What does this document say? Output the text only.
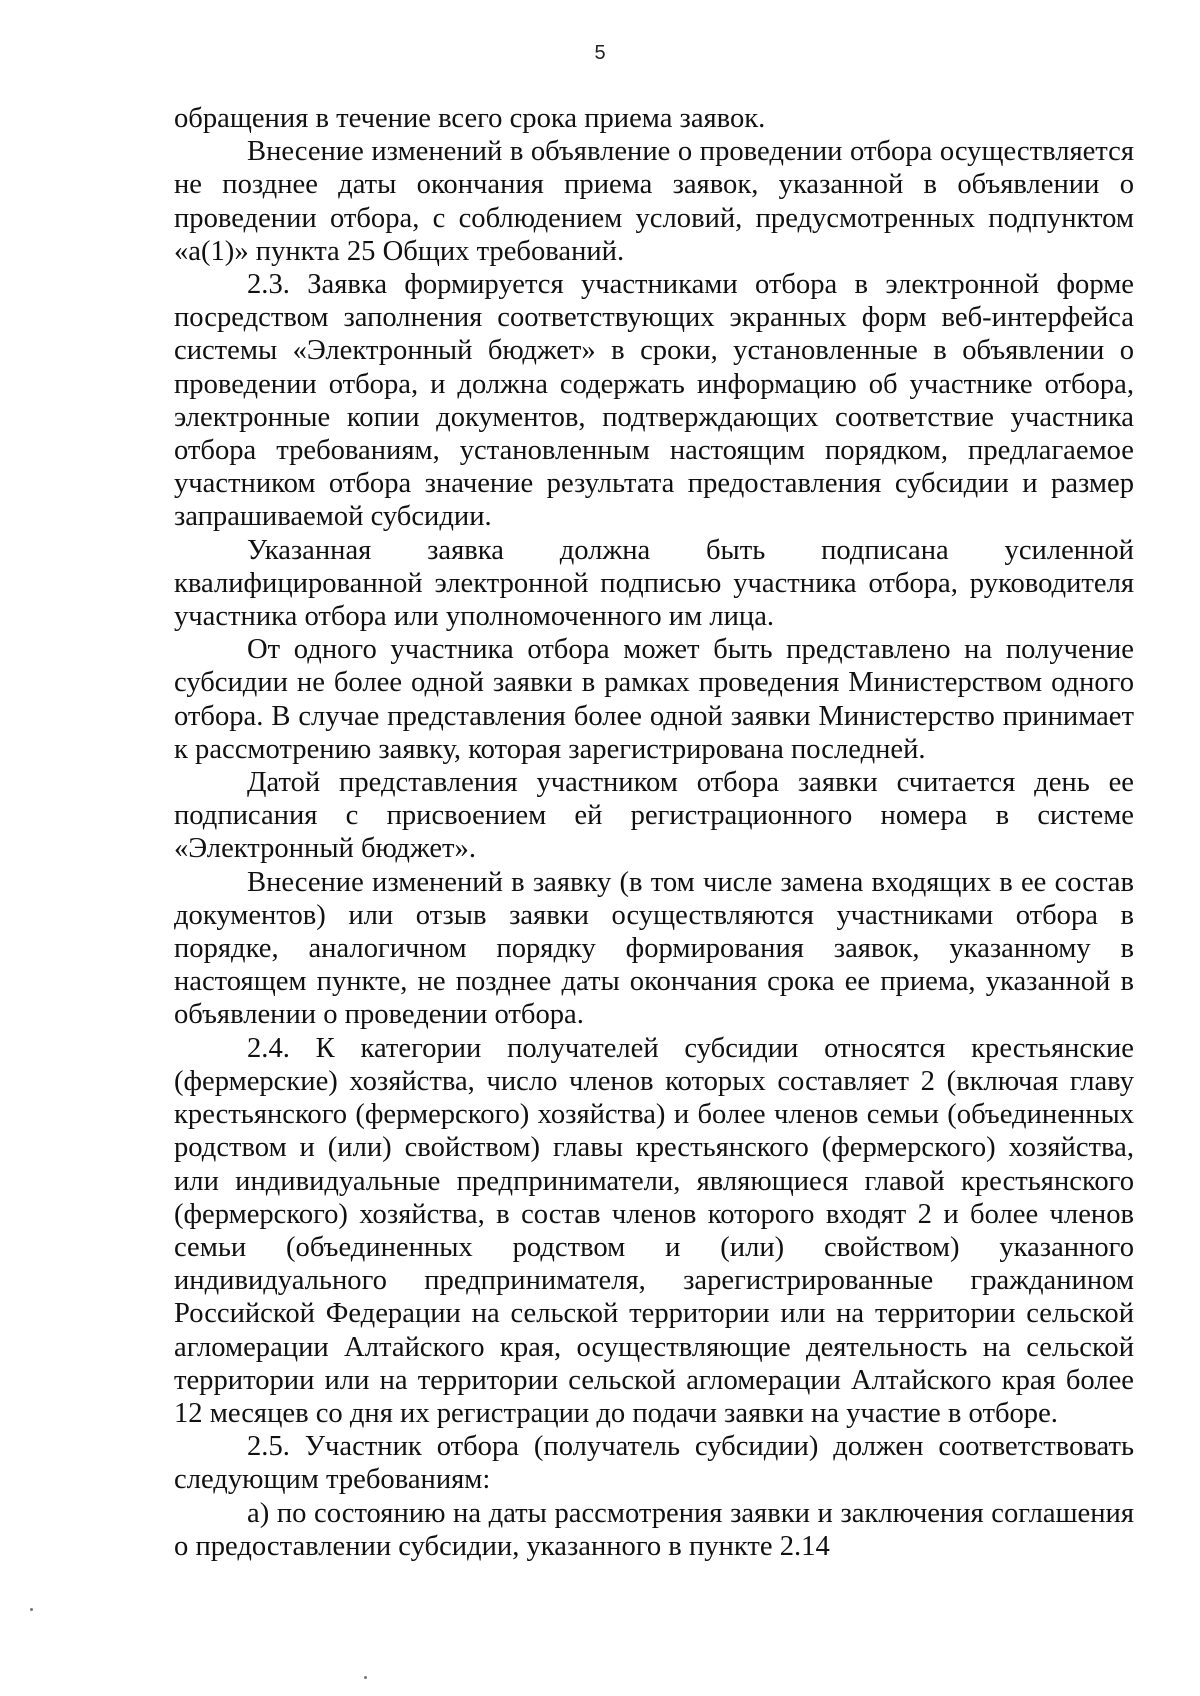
5

обращения в течение всего срока приема заявок.

Внесение изменений в объявление о проведении отбора осуществляется не позднее даты окончания приема заявок, указанной в объявлении о проведении отбора, с соблюдением условий, предусмотренных подпунктом «а(1)» пункта 25 Общих требований.

2.3. Заявка формируется участниками отбора в электронной форме посредством заполнения соответствующих экранных форм веб-интерфейса системы «Электронный бюджет» в сроки, установленные в объявлении о проведении отбора, и должна содержать информацию об участнике отбора, электронные копии документов, подтверждающих соответствие участника отбора требованиям, установленным настоящим порядком, предлагаемое участником отбора значение результата предоставления субсидии и размер запрашиваемой субсидии.

Указанная заявка должна быть подписана усиленной квалифицированной электронной подписью участника отбора, руководителя участника отбора или уполномоченного им лица.

От одного участника отбора может быть представлено на получение субсидии не более одной заявки в рамках проведения Министерством одного отбора. В случае представления более одной заявки Министерство принимает к рассмотрению заявку, которая зарегистрирована последней.

Датой представления участником отбора заявки считается день ее подписания с присвоением ей регистрационного номера в системе «Электронный бюджет».

Внесение изменений в заявку (в том числе замена входящих в ее состав документов) или отзыв заявки осуществляются участниками отбора в порядке, аналогичном порядку формирования заявок, указанному в настоящем пункте, не позднее даты окончания срока ее приема, указанной в объявлении о проведении отбора.

2.4. К категории получателей субсидии относятся крестьянские (фермерские) хозяйства, число членов которых составляет 2 (включая главу крестьянского (фермерского) хозяйства) и более членов семьи (объединенных родством и (или) свойством) главы крестьянского (фермерского) хозяйства, или индивидуальные предприниматели, являющиеся главой крестьянского (фермерского) хозяйства, в состав членов которого входят 2 и более членов семьи (объединенных родством и (или) свойством) указанного индивидуального предпринимателя, зарегистрированные гражданином Российской Федерации на сельской территории или на территории сельской агломерации Алтайского края, осуществляющие деятельность на сельской территории или на территории сельской агломерации Алтайского края более 12 месяцев со дня их регистрации до подачи заявки на участие в отборе.

2.5. Участник отбора (получатель субсидии) должен соответствовать следующим требованиям:

а) по состоянию на даты рассмотрения заявки и заключения соглашения о предоставлении субсидии, указанного в пункте 2.14
